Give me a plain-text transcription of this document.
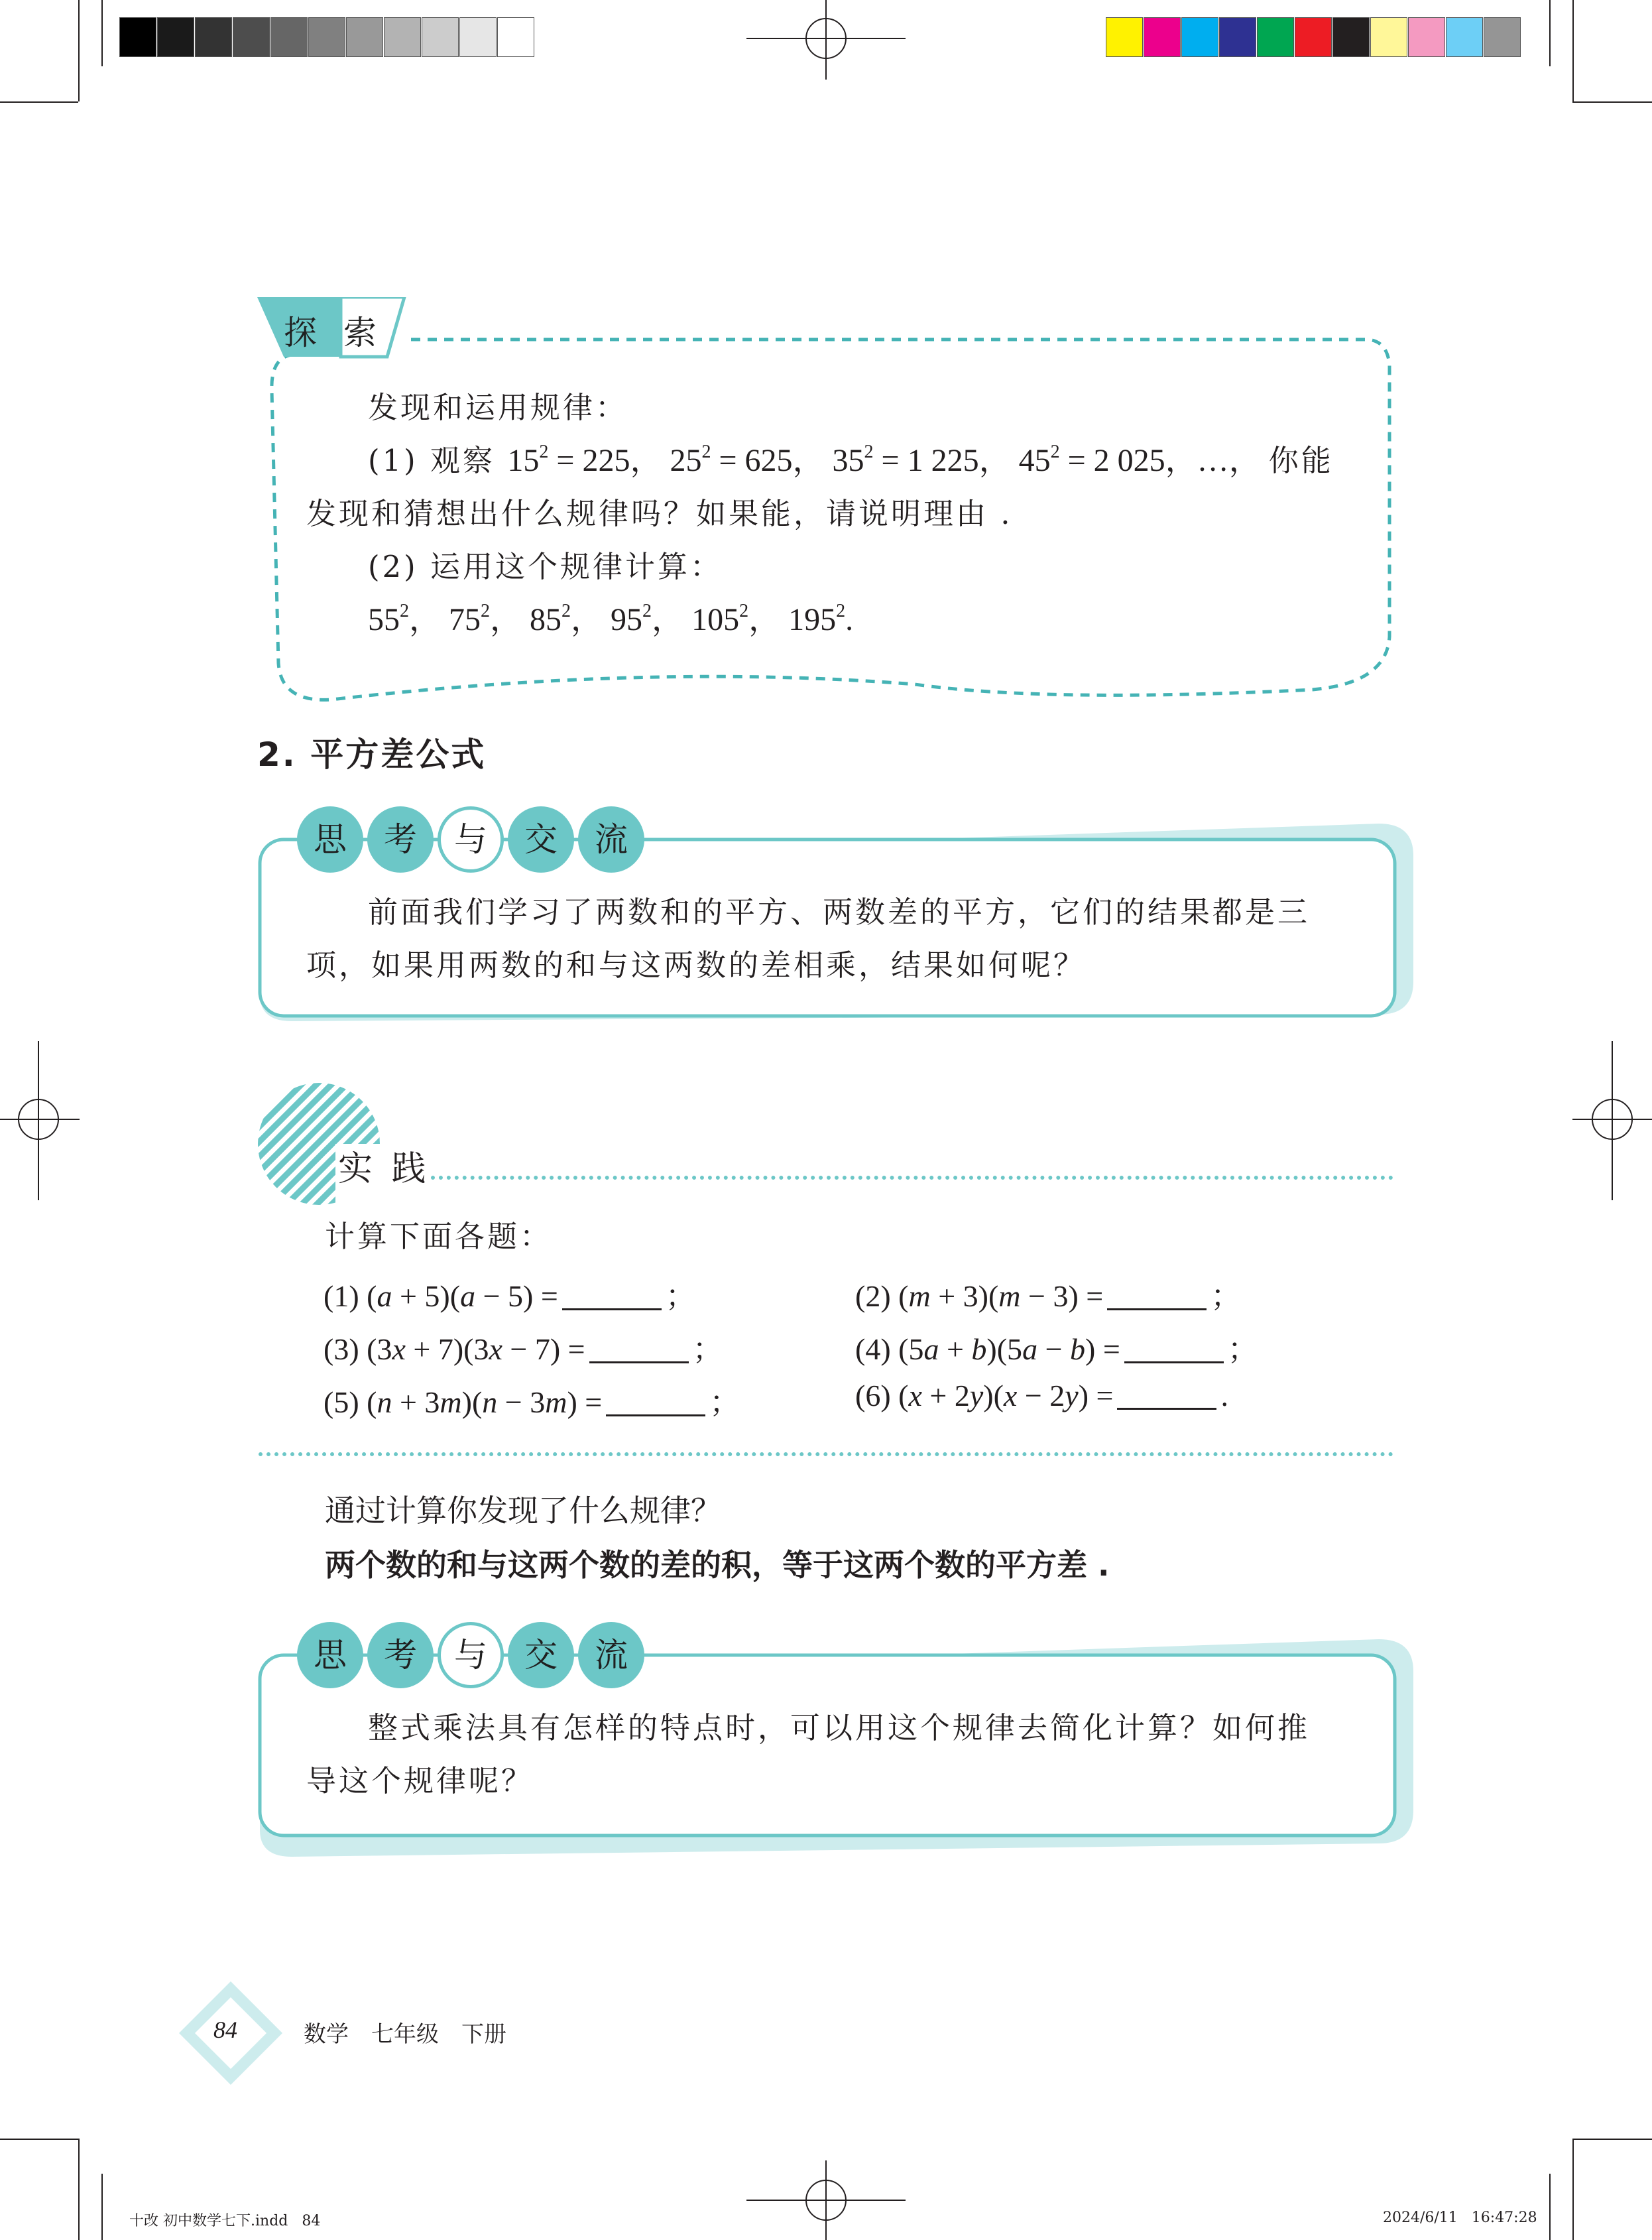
探 索
发现和运用规律：
(1) 观察 $15^2 = 225$， $25^2 = 625$， $35^2 = 1$ 225， $45^2 = 2$ 025，…， 你能
发现和猜想出什么规律吗？如果能，请说明理由 .
(2) 运用这个规律计算：
$55^2$， $75^2$， $85^2$， $95^2$， $105^2$， $195^2$.
2. 平方差公式
思	考	与	交	流
前面我们学习了两数和的平方、两数差的平方，它们的结果都是三
项，如果用两数的和与这两数的差相乘，结果如何呢？
实 践
计算下面各题：
(1) (a + 5)(a − 5) =	；	(2) (m + 3)(m − 3) =	；
(3) (3x + 7)(3x − 7) =	；	(4) (5a + b)(5a − b) =	；
(5) (n + 3m)(n − 3m) =	；	(6) (x + 2y)(x − 2y) =	.
通过计算你发现了什么规律？
两个数的和与这两个数的差的积，等于这两个数的平方差 .
思	考	与	交	流
整式乘法具有怎样的特点时，可以用这个规律去简化计算？如何推
导这个规律呢？
84	数学　七年级　下册
十改 初中数学七下.indd   84	2024/6/11   16:47:28
